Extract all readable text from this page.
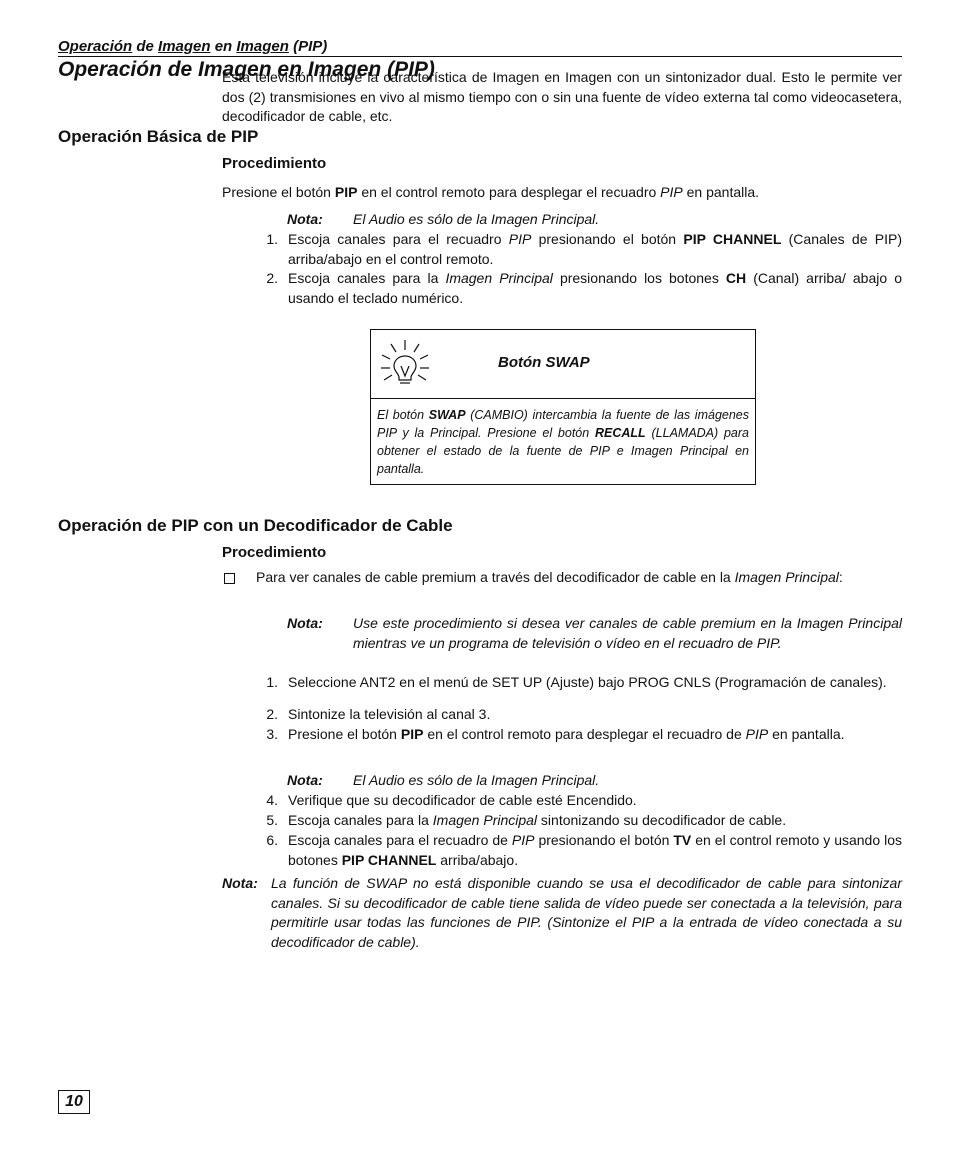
Operación de Imagen en Imagen (PIP)
Operación de Imagen en Imagen (PIP)
Esta televisión incluye la característica de Imagen en Imagen con un sintonizador dual. Esto le permite ver dos (2) transmisiones en vivo al mismo tiempo con o sin una fuente de vídeo externa tal como videocasetera, decodificador de cable, etc.
Operación Básica de PIP
Procedimiento
Presione el botón PIP en el control remoto para desplegar el recuadro PIP en pantalla.
Nota: El Audio es sólo de la Imagen Principal.
1. Escoja canales para el recuadro PIP presionando el botón PIP CHANNEL (Canales de PIP) arriba/abajo en el control remoto.
2. Escoja canales para la Imagen Principal presionando los botones CH (Canal) arriba/ abajo o usando el teclado numérico.
Botón SWAP
El botón SWAP (CAMBIO) intercambia la fuente de las imágenes PIP y la Principal. Presione el botón RECALL (LLAMADA) para obtener el estado de la fuente de PIP e Imagen Principal en pantalla.
Operación de PIP con un Decodificador de Cable
Procedimiento
Para ver canales de cable premium a través del decodificador de cable en la Imagen Principal:
Nota: Use este procedimiento si desea ver canales de cable premium en la Imagen Principal mientras ve un programa de televisión o vídeo en el recuadro de PIP.
1. Seleccione ANT2 en el menú de SET UP (Ajuste) bajo PROG CNLS (Programación de canales).
2. Sintonize la televisión al canal 3.
3. Presione el botón PIP en el control remoto para desplegar el recuadro de PIP en pantalla.
Nota: El Audio es sólo de la Imagen Principal.
4. Verifique que su decodificador de cable esté Encendido.
5. Escoja canales para la Imagen Principal sintonizando su decodificador de cable.
6. Escoja canales para el recuadro de PIP presionando el botón TV en el control remoto y usando los botones PIP CHANNEL arriba/abajo.
Nota: La función de SWAP no está disponible cuando se usa el decodificador de cable para sintonizar canales. Si su decodificador de cable tiene salida de vídeo puede ser conectada a la televisión, para permitirle usar todas las funciones de PIP. (Sintonize el PIP a la entrada de vídeo conectada a su decodificador de cable).
10
